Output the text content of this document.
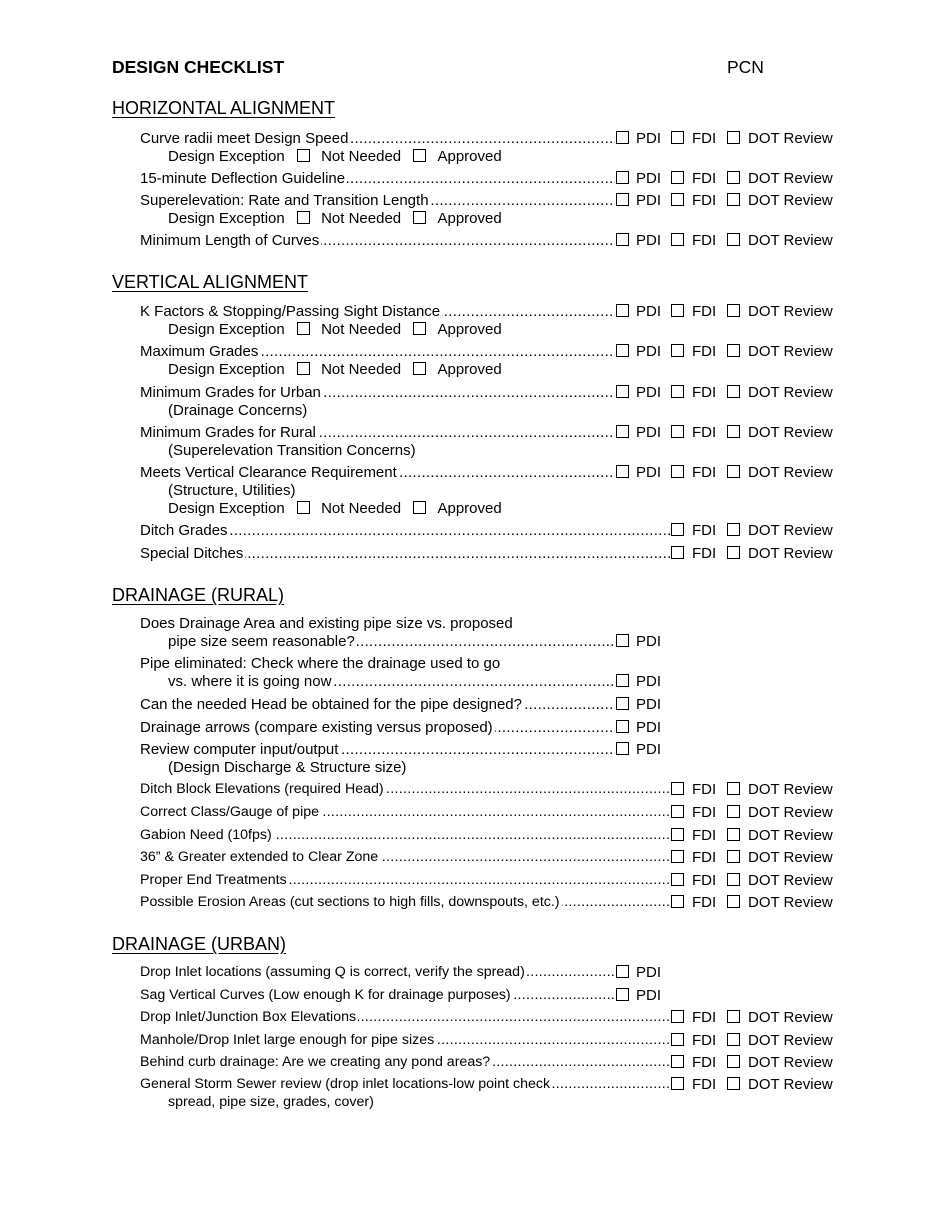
DESIGN CHECKLIST	PCN
HORIZONTAL ALIGNMENT
.....
Curve radii meet Design Speed	PDI FDI DOT Review
Design Exception Not Needed Approved
.....
15-minute Deflection Guideline	PDI FDI DOT Review
.....
Superelevation: Rate and Transition Length	PDI FDI DOT Review
Design Exception Not Needed Approved
.....
Minimum Length of Curves	PDI FDI DOT Review
VERTICAL ALIGNMENT
.....
K Factors & Stopping/Passing Sight Distance	PDI FDI DOT Review
Design Exception Not Needed Approved
.....
Maximum Grades	PDI FDI DOT Review
Design Exception Not Needed Approved
.....
Minimum Grades for Urban	PDI FDI DOT Review
(Drainage Concerns)
.....
Minimum Grades for Rural	PDI FDI DOT Review
(Superelevation Transition Concerns)
.....
Meets Vertical Clearance Requirement	PDI FDI DOT Review
(Structure, Utilities)
Design Exception Not Needed Approved
.....
Ditch Grades	FDI DOT Review
.....
Special Ditches	FDI DOT Review
DRAINAGE (RURAL)
Does Drainage Area and existing pipe size vs. proposed
.....
pipe size seem reasonable?	PDI
Pipe eliminated: Check where the drainage used to go
.....
vs. where it is going now	PDI
.....
Can the needed Head be obtained for the pipe designed?	PDI
.....
Drainage arrows (compare existing versus proposed)	PDI
.....
Review computer input/output	PDI
(Design Discharge & Structure size)
.....
Ditch Block Elevations (required Head)	FDI DOT Review
.....
Correct Class/Gauge of pipe	FDI DOT Review
.....
Gabion Need (10fps)	FDI DOT Review
.....
36” & Greater extended to Clear Zone	FDI DOT Review
.....
Proper End Treatments	FDI DOT Review
.....
Possible Erosion Areas (cut sections to high fills, downspouts, etc.)	FDI DOT Review
DRAINAGE (URBAN)
.....
Drop Inlet locations (assuming Q is correct, verify the spread)	PDI
.....
Sag Vertical Curves (Low enough K for drainage purposes)	PDI
.....
Drop Inlet/Junction Box Elevations	FDI DOT Review
.....
Manhole/Drop Inlet large enough for pipe sizes	FDI DOT Review
.....
Behind curb drainage: Are we creating any pond areas?	FDI DOT Review
.....
General Storm Sewer review (drop inlet locations-low point check	FDI DOT Review
spread, pipe size, grades, cover)
